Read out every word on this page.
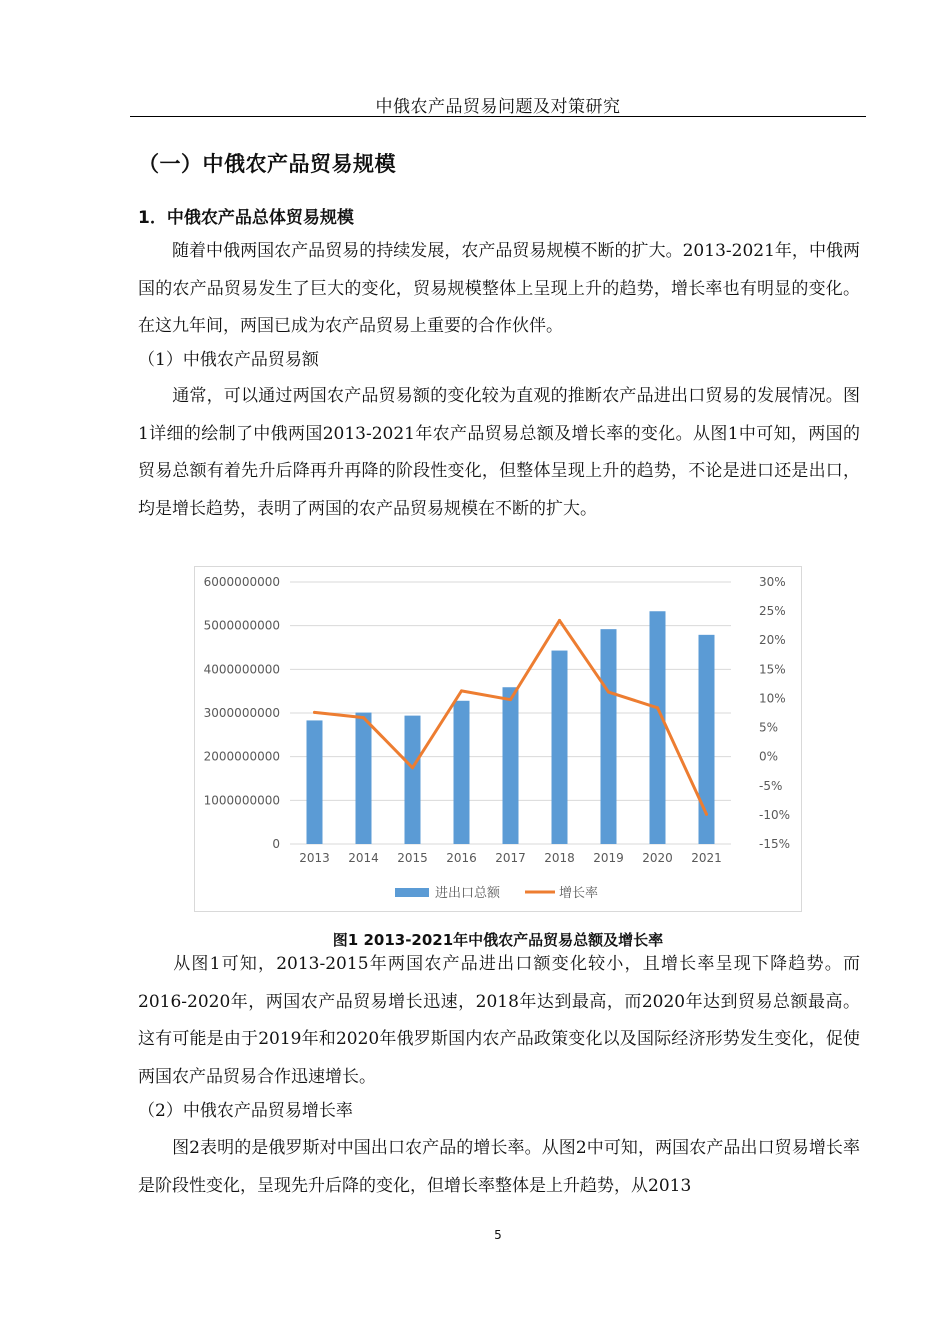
中俄农产品贸易问题及对策研究
（一）中俄农产品贸易规模
1．中俄农产品总体贸易规模
随着中俄两国农产品贸易的持续发展，农产品贸易规模不断的扩大。2013-2021年，中俄两国的农产品贸易发生了巨大的变化，贸易规模整体上呈现上升的趋势，增长率也有明显的变化。在这九年间，两国已成为农产品贸易上重要的合作伙伴。
（1）中俄农产品贸易额
通常，可以通过两国农产品贸易额的变化较为直观的推断农产品进出口贸易的发展情况。图1详细的绘制了中俄两国2013-2021年农产品贸易总额及增长率的变化。从图1中可知，两国的贸易总额有着先升后降再升再降的阶段性变化，但整体呈现上升的趋势，不论是进口还是出口，均是增长趋势，表明了两国的农产品贸易规模在不断的扩大。
0
1000000000
2000000000
3000000000
4000000000
5000000000
6000000000
-15%
-10%
-5%
0%
5%
10%
15%
20%
25%
30%
2013 2014 2015 2016 2017 2018 2019 2020 2021
进出口总额	增长率
图1 2013-2021年中俄农产品贸易总额及增长率
从图1可知，2013-2015年两国农产品进出口额变化较小，且增长率呈现下降趋势。而2016-2020年，两国农产品贸易增长迅速，2018年达到最高，而2020年达到贸易总额最高。这有可能是由于2019年和2020年俄罗斯国内农产品政策变化以及国际经济形势发生变化，促使两国农产品贸易合作迅速增长。
（2）中俄农产品贸易增长率
图2表明的是俄罗斯对中国出口农产品的增长率。从图2中可知，两国农产品出口贸易增长率是阶段性变化，呈现先升后降的变化，但增长率整体是上升趋势，从2013
5
